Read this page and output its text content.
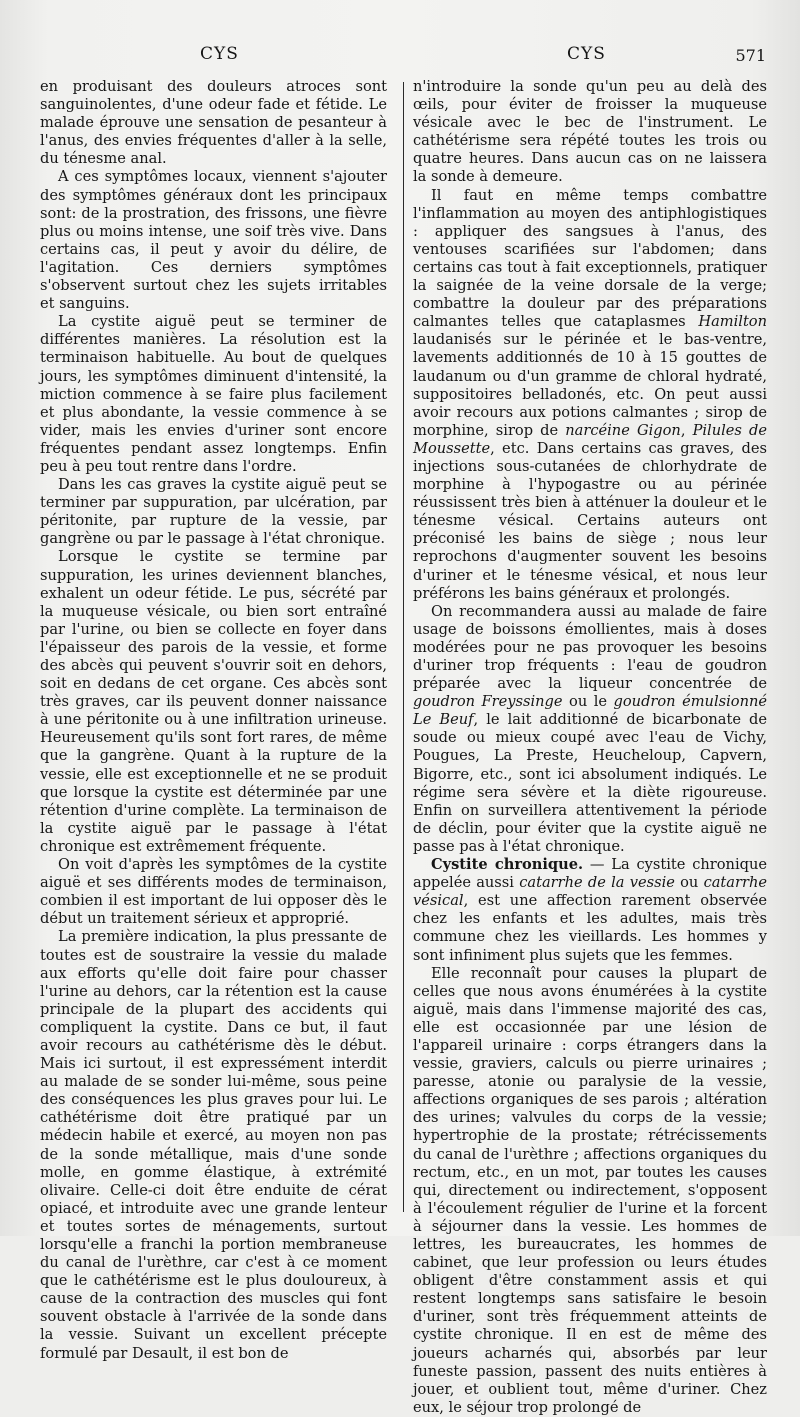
CYS	CYS	571

en produisant des douleurs atroces sont sanguinolentes, d'une odeur fade et fétide. Le malade éprouve une sensation de pesanteur à l'anus, des envies fréquentes d'aller à la selle, du ténesme anal.

A ces symptômes locaux, viennent s'ajouter des symptômes généraux dont les principaux sont: de la prostration, des frissons, une fièvre plus ou moins intense, une soif très vive. Dans certains cas, il peut y avoir du délire, de l'agitation. Ces derniers symptômes s'observent surtout chez les sujets irritables et sanguins.

La cystite aiguë peut se terminer de différentes manières. La résolution est la terminaison habituelle. Au bout de quelques jours, les symptômes diminuent d'intensité, la miction commence à se faire plus facilement et plus abondante, la vessie commence à se vider, mais les envies d'uriner sont encore fréquentes pendant assez longtemps. Enfin peu à peu tout rentre dans l'ordre.

Dans les cas graves la cystite aiguë peut se terminer par suppuration, par ulcération, par péritonite, par rupture de la vessie, par gangrène ou par le passage à l'état chronique.

Lorsque le cystite se termine par suppuration, les urines deviennent blanches, exhalent un odeur fétide. Le pus, sécrété par la muqueuse vésicale, ou bien sort entraîné par l'urine, ou bien se collecte en foyer dans l'épaisseur des parois de la vessie, et forme des abcès qui peuvent s'ouvrir soit en dehors, soit en dedans de cet organe. Ces abcès sont très graves, car ils peuvent donner naissance à une péritonite ou à une infiltration urineuse. Heureusement qu'ils sont fort rares, de même que la gangrène. Quant à la rupture de la vessie, elle est exceptionnelle et ne se produit que lorsque la cystite est déterminée par une rétention d'urine complète. La terminaison de la cystite aiguë par le passage à l'état chronique est extrêmement fréquente.

On voit d'après les symptômes de la cystite aiguë et ses différents modes de terminaison, combien il est important de lui opposer dès le début un traitement sérieux et approprié.

La première indication, la plus pressante de toutes est de soustraire la vessie du malade aux efforts qu'elle doit faire pour chasser l'urine au dehors, car la rétention est la cause principale de la plupart des accidents qui compliquent la cystite. Dans ce but, il faut avoir recours au cathétérisme dès le début. Mais ici surtout, il est expressément interdit au malade de se sonder lui-même, sous peine des conséquences les plus graves pour lui. Le cathétérisme doit être pratiqué par un médecin habile et exercé, au moyen non pas de la sonde métallique, mais d'une sonde molle, en gomme élastique, à extrémité olivaire. Celle-ci doit être enduite de cérat opiacé, et introduite avec une grande lenteur et toutes sortes de ménagements, surtout lorsqu'elle a franchi la portion membraneuse du canal de l'urèthre, car c'est à ce moment que le cathétérisme est le plus douloureux, à cause de la contraction des muscles qui font souvent obstacle à l'arrivée de la sonde dans la vessie. Suivant un excellent précepte formulé par Desault, il est bon de

n'introduire la sonde qu'un peu au delà des œils, pour éviter de froisser la muqueuse vésicale avec le bec de l'instrument. Le cathétérisme sera répété toutes les trois ou quatre heures. Dans aucun cas on ne laissera la sonde à demeure.

Il faut en même temps combattre l'inflammation au moyen des antiphlogistiques : appliquer des sangsues à l'anus, des ventouses scarifiées sur l'abdomen; dans certains cas tout à fait exceptionnels, pratiquer la saignée de la veine dorsale de la verge; combattre la douleur par des préparations calmantes telles que cataplasmes Hamilton laudanisés sur le périnée et le bas-ventre, lavements additionnés de 10 à 15 gouttes de laudanum ou d'un gramme de chloral hydraté, suppositoires belladonés, etc. On peut aussi avoir recours aux potions calmantes ; sirop de morphine, sirop de narcéine Gigon, Pilules de Moussette, etc. Dans certains cas graves, des injections sous-cutanées de chlorhydrate de morphine à l'hypogastre ou au périnée réussissent très bien à atténuer la douleur et le ténesme vésical. Certains auteurs ont préconisé les bains de siège ; nous leur reprochons d'augmenter souvent les besoins d'uriner et le ténesme vésical, et nous leur préférons les bains généraux et prolongés.

On recommandera aussi au malade de faire usage de boissons émollientes, mais à doses modérées pour ne pas provoquer les besoins d'uriner trop fréquents : l'eau de goudron préparée avec la liqueur concentrée de goudron Freyssinge ou le goudron émulsionné Le Beuf, le lait additionné de bicarbonate de soude ou mieux coupé avec l'eau de Vichy, Pougues, La Preste, Heucheloup, Capvern, Bigorre, etc., sont ici absolument indiqués. Le régime sera sévère et la diète rigoureuse. Enfin on surveillera attentivement la période de déclin, pour éviter que la cystite aiguë ne passe pas à l'état chronique.

Cystite chronique. — La cystite chronique appelée aussi catarrhe de la vessie ou catarrhe vésical, est une affection rarement observée chez les enfants et les adultes, mais très commune chez les vieillards. Les hommes y sont infiniment plus sujets que les femmes.

Elle reconnaît pour causes la plupart de celles que nous avons énumérées à la cystite aiguë, mais dans l'immense majorité des cas, elle est occasionnée par une lésion de l'appareil urinaire : corps étrangers dans la vessie, graviers, calculs ou pierre urinaires ; paresse, atonie ou paralysie de la vessie, affections organiques de ses parois ; altération des urines; valvules du corps de la vessie; hypertrophie de la prostate; rétrécissements du canal de l'urèthre ; affections organiques du rectum, etc., en un mot, par toutes les causes qui, directement ou indirectement, s'opposent à l'écoulement régulier de l'urine et la forcent à séjourner dans la vessie. Les hommes de lettres, les bureaucrates, les hommes de cabinet, que leur profession ou leurs études obligent d'être constamment assis et qui restent longtemps sans satisfaire le besoin d'uriner, sont très fréquemment atteints de cystite chronique. Il en est de même des joueurs acharnés qui, absorbés par leur funeste passion, passent des nuits entières à jouer, et oublient tout, même d'uriner. Chez eux, le séjour trop prolongé de
